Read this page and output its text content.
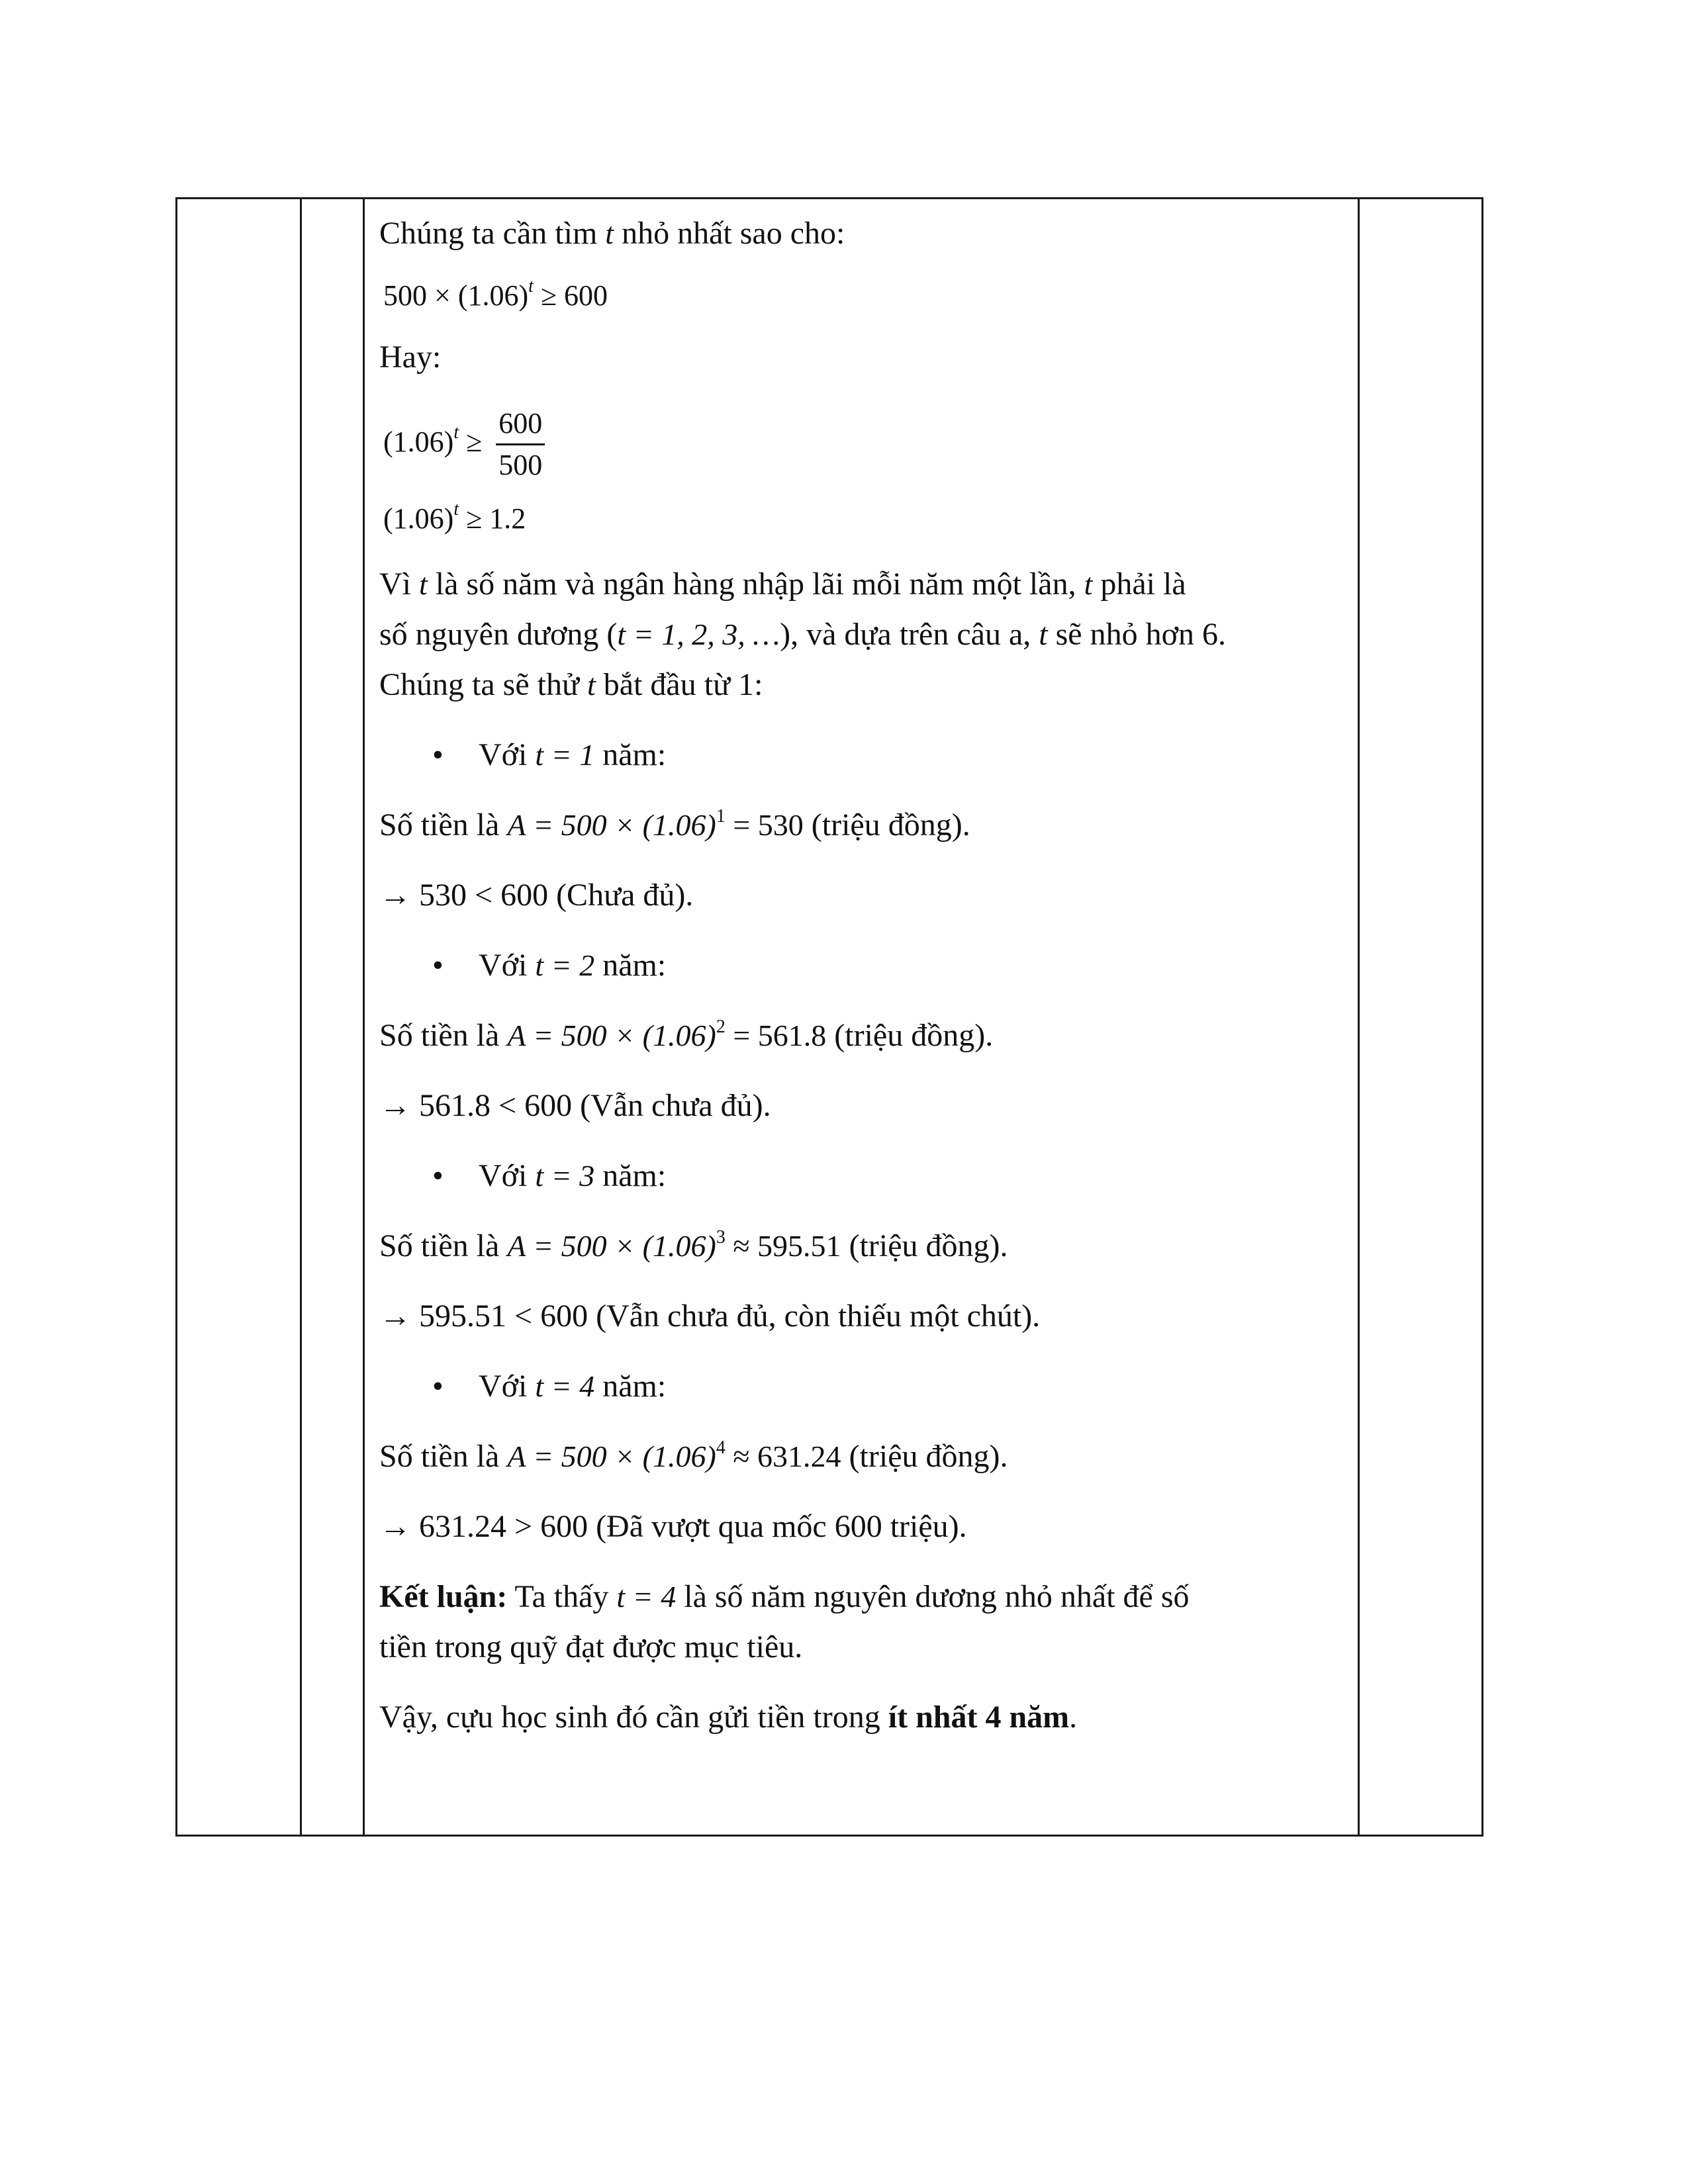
Chúng ta cần tìm t nhỏ nhất sao cho:

$500 \times (1.06)^t \ge 600$

Hay:

$(1.06)^t \ge \frac{600}{500}$

$(1.06)^t \ge 1.2$

Vì t là số năm và ngân hàng nhập lãi mỗi năm một lần, t phải là
số nguyên dương (t = 1, 2, 3, …), và dựa trên câu a, t sẽ nhỏ hơn 6.
Chúng ta sẽ thử t bắt đầu từ 1:

• Với t = 1 năm:

Số tiền là $A = 500 \times (1.06)^1 = 530$ (triệu đồng).

→ 530 < 600 (Chưa đủ).

• Với t = 2 năm:

Số tiền là $A = 500 \times (1.06)^2 = 561.8$ (triệu đồng).

→ 561.8 < 600 (Vẫn chưa đủ).

• Với t = 3 năm:

Số tiền là $A = 500 \times (1.06)^3 \approx 595.51$ (triệu đồng).

→ 595.51 < 600 (Vẫn chưa đủ, còn thiếu một chút).

• Với t = 4 năm:

Số tiền là $A = 500 \times (1.06)^4 \approx 631.24$ (triệu đồng).

→ 631.24 > 600 (Đã vượt qua mốc 600 triệu).

Kết luận: Ta thấy t = 4 là số năm nguyên dương nhỏ nhất để số
tiền trong quỹ đạt được mục tiêu.

Vậy, cựu học sinh đó cần gửi tiền trong ít nhất 4 năm.
